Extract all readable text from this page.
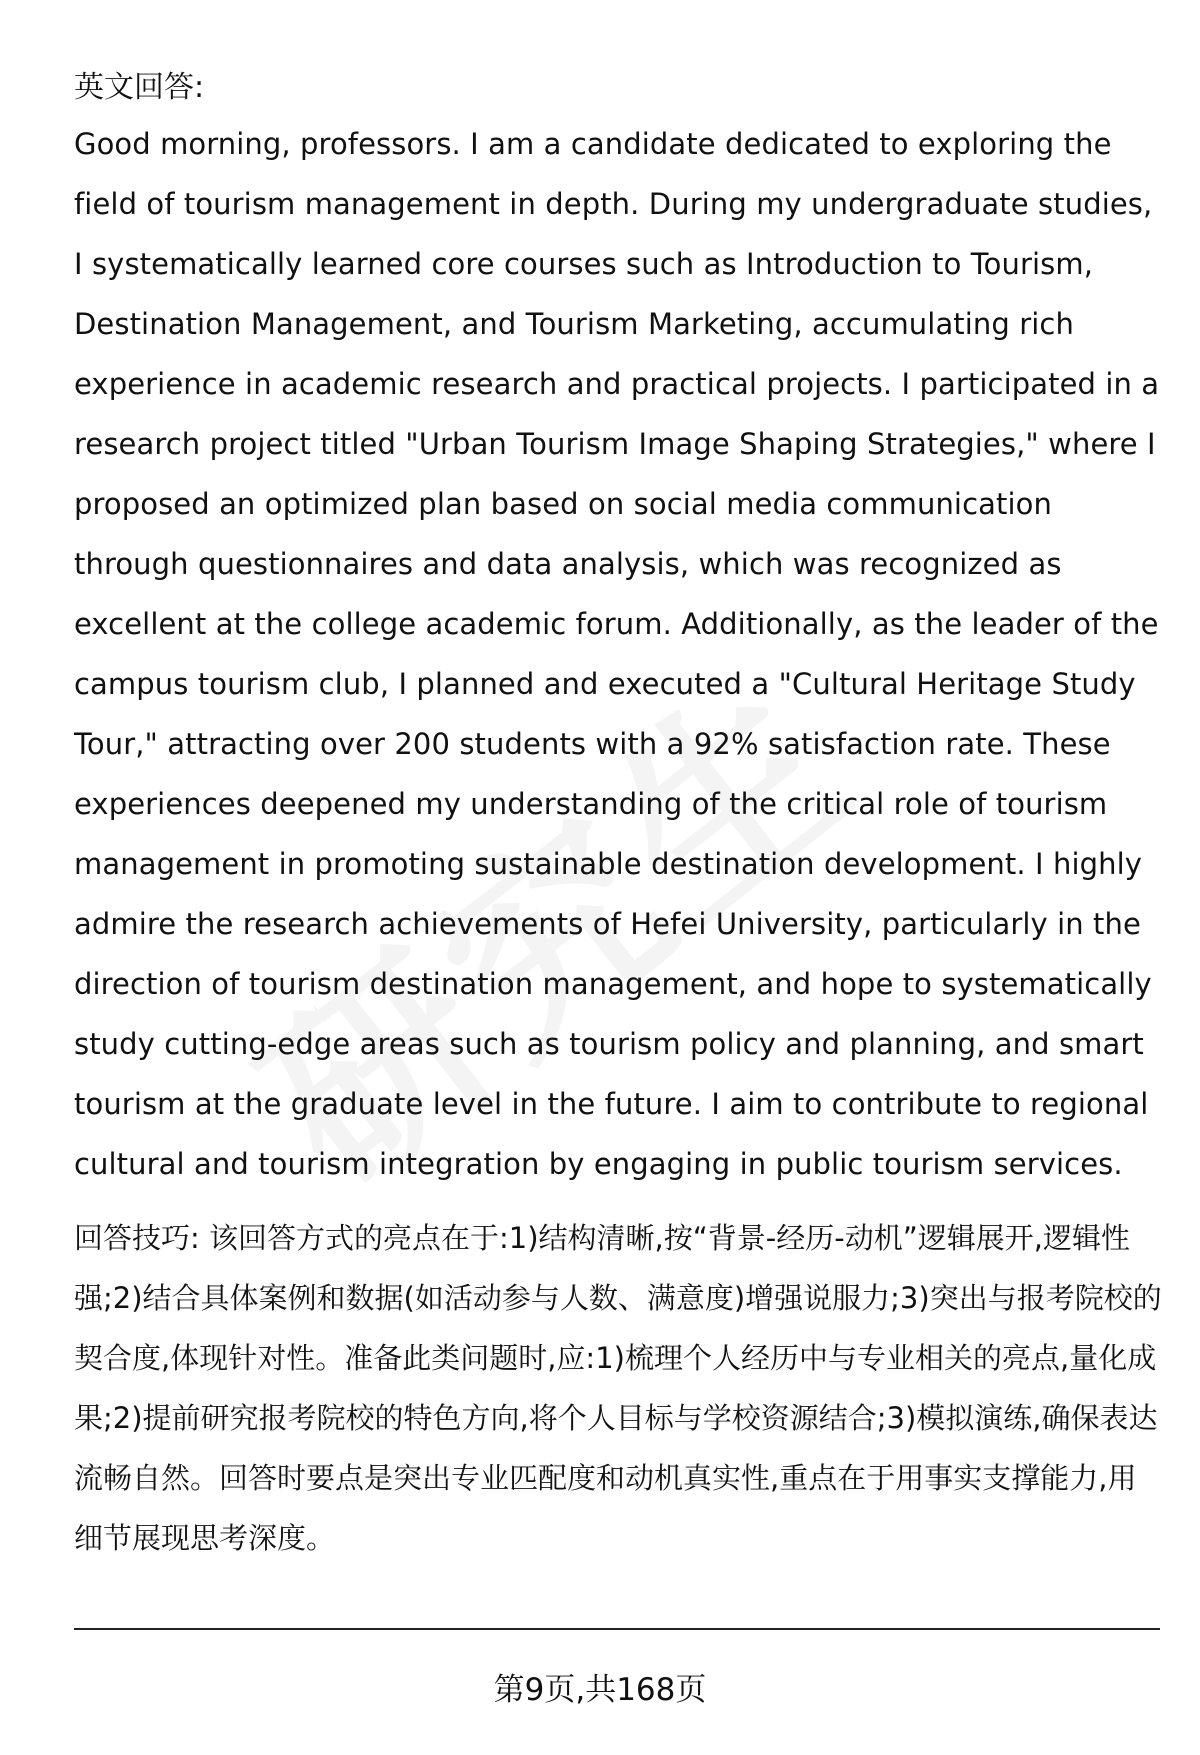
英文回答:

Good morning, professors. I am a candidate dedicated to exploring the field of tourism management in depth. During my undergraduate studies, I systematically learned core courses such as Introduction to Tourism, Destination Management, and Tourism Marketing, accumulating rich experience in academic research and practical projects. I participated in a research project titled "Urban Tourism Image Shaping Strategies," where I proposed an optimized plan based on social media communication through questionnaires and data analysis, which was recognized as excellent at the college academic forum. Additionally, as the leader of the campus tourism club, I planned and executed a "Cultural Heritage Study Tour," attracting over 200 students with a 92% satisfaction rate. These experiences deepened my understanding of the critical role of tourism management in promoting sustainable destination development. I highly admire the research achievements of Hefei University, particularly in the direction of tourism destination management, and hope to systematically study cutting-edge areas such as tourism policy and planning, and smart tourism at the graduate level in the future. I aim to contribute to regional cultural and tourism integration by engaging in public tourism services.

回答技巧: 该回答方式的亮点在于:1)结构清晰,按“背景-经历-动机”逻辑展开,逻辑性强;2)结合具体案例和数据(如活动参与人数、满意度)增强说服力;3)突出与报考院校的契合度,体现针对性。准备此类问题时,应:1)梳理个人经历中与专业相关的亮点,量化成果;2)提前研究报考院校的特色方向,将个人目标与学校资源结合;3)模拟演练,确保表达流畅自然。回答时要点是突出专业匹配度和动机真实性,重点在于用事实支撑能力,用细节展现思考深度。

第9页,共168页
